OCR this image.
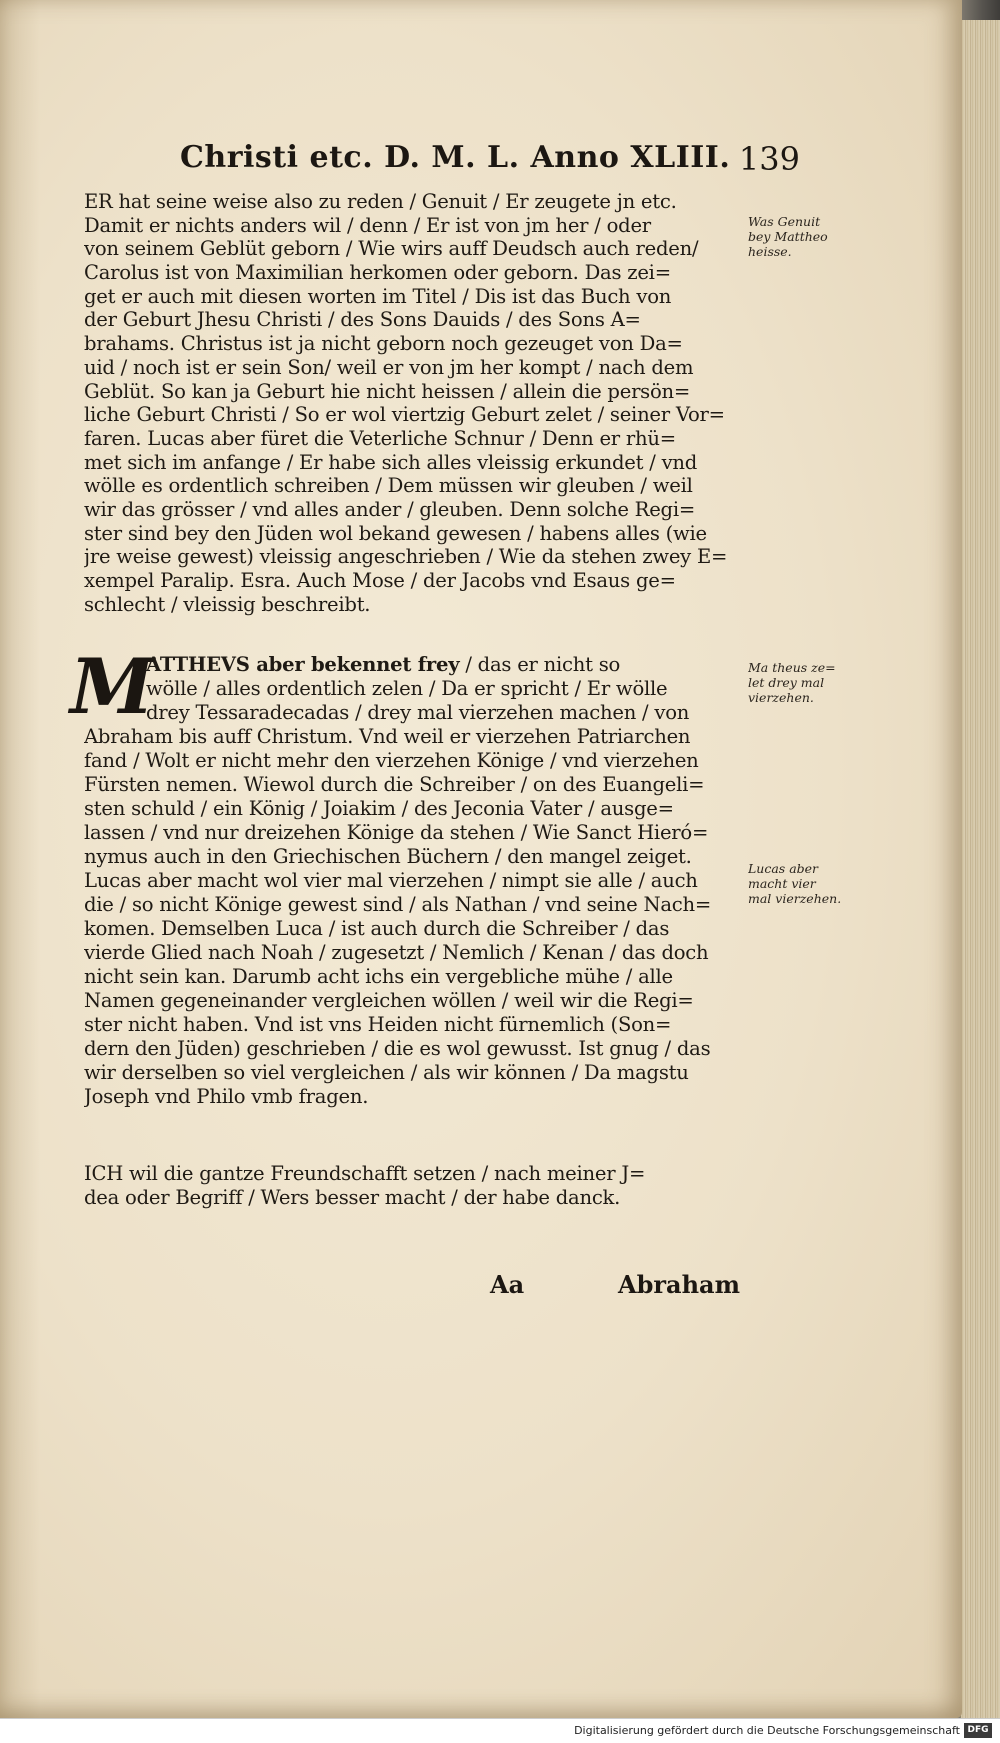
Christi etc. D. M. L. Anno XLIII. 139
ER hat seine weise also zu reden / Genuit / Er zeugete jn etc.
Damit er nichts anders wil / denn / Er ist von jm her / oder
von seinem Geblüt geborn / Wie wirs auff Deudsch auch reden/
Carolus ist von Maximilian herkomen oder geborn. Das zei=
get er auch mit diesen worten im Titel / Dis ist das Buch von
der Geburt Jhesu Christi / des Sons Dauids / des Sons A=
brahams. Christus ist ja nicht geborn noch gezeuget von Da=
uid / noch ist er sein Son/ weil er von jm her kompt / nach dem
Geblüt. So kan ja Geburt hie nicht heissen / allein die persön=
liche Geburt Christi / So er wol viertzig Geburt zelet / seiner Vor=
faren. Lucas aber füret die Veterliche Schnur / Denn er rhü=
met sich im anfange / Er habe sich alles vleissig erkundet / vnd
wölle es ordentlich schreiben / Dem müssen wir gleuben / weil
wir das grösser / vnd alles ander / gleuben. Denn solche Regi=
ster sind bey den Jüden wol bekand gewesen / habens alles (wie
jre weise gewest) vleissig angeschrieben / Wie da stehen zwey E=
xempel Paralip. Esra. Auch Mose / der Jacobs vnd Esaus ge=
schlecht / vleissig beschreibt.
M
ATTHEVS aber bekennet frey / das er nicht so
wölle / alles ordentlich zelen / Da er spricht / Er wölle
drey Tessaradecadas / drey mal vierzehen machen / von
Abraham bis auff Christum. Vnd weil er vierzehen Patriarchen
fand / Wolt er nicht mehr den vierzehen Könige / vnd vierzehen
Fürsten nemen. Wiewol durch die Schreiber / on des Euangeli=
sten schuld / ein König / Joiakim / des Jeconia Vater / ausge=
lassen / vnd nur dreizehen Könige da stehen / Wie Sanct Hieró=
nymus auch in den Griechischen Büchern / den mangel zeiget.
Lucas aber macht wol vier mal vierzehen / nimpt sie alle / auch
die / so nicht Könige gewest sind / als Nathan / vnd seine Nach=
komen. Demselben Luca / ist auch durch die Schreiber / das
vierde Glied nach Noah / zugesetzt / Nemlich / Kenan / das doch
nicht sein kan. Darumb acht ichs ein vergebliche mühe / alle
Namen gegeneinander vergleichen wöllen / weil wir die Regi=
ster nicht haben. Vnd ist vns Heiden nicht fürnemlich (Son=
dern den Jüden) geschrieben / die es wol gewusst. Ist gnug / das
wir derselben so viel vergleichen / als wir können / Da magstu
Joseph vnd Philo vmb fragen.
ICH wil die gantze Freundschafft setzen / nach meiner J=
dea oder Begriff / Wers besser macht / der habe danck.
Was Genuit
bey Mattheo
heisse.
Ma theus ze=
let drey mal
vierzehen.
Lucas aber
macht vier
mal vierzehen.
Aa	Abraham
Digitalisierung gefördert durch die Deutsche Forschungsgemeinschaft DFG
